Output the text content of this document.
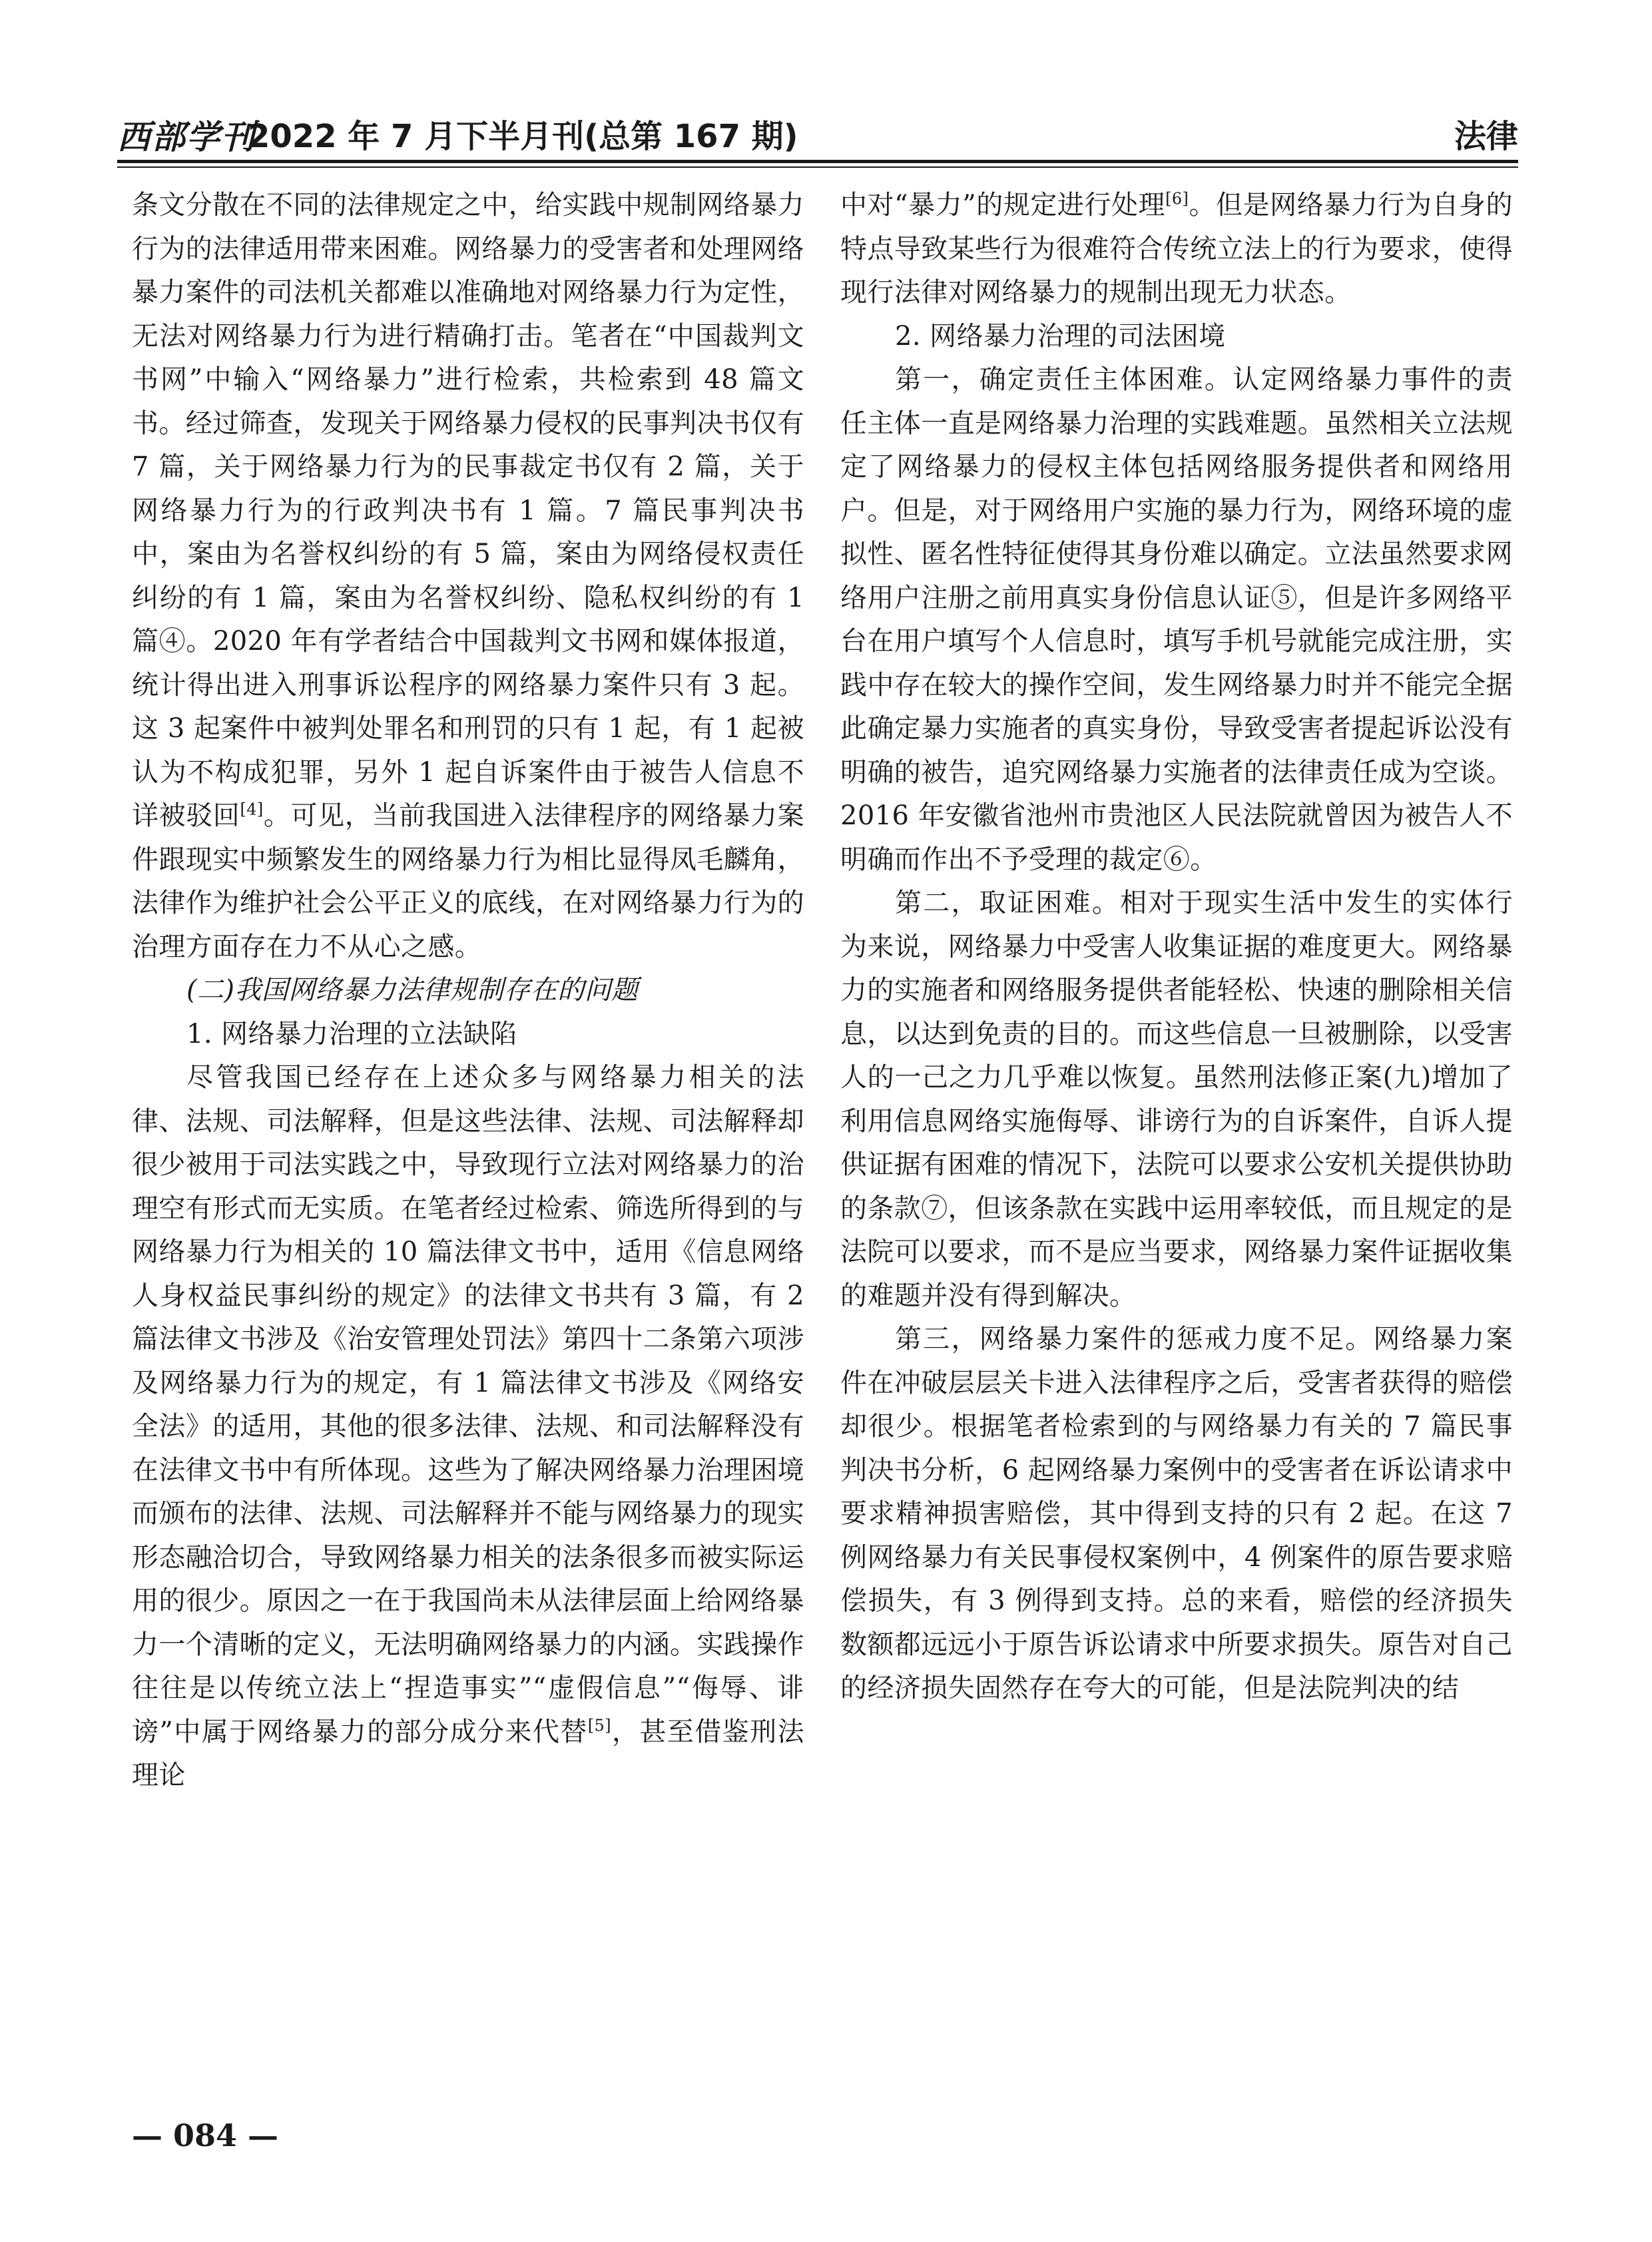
西部学刊
2022 年 7 月下半月刊(总第 167 期)	法律

条文分散在不同的法律规定之中，给实践中规制网络暴力行为的法律适用带来困难。网络暴力的受害者和处理网络暴力案件的司法机关都难以准确地对网络暴力行为定性，无法对网络暴力行为进行精确打击。笔者在“中国裁判文书网”中输入“网络暴力”进行检索，共检索到 48 篇文书。经过筛查，发现关于网络暴力侵权的民事判决书仅有 7 篇，关于网络暴力行为的民事裁定书仅有 2 篇，关于网络暴力行为的行政判决书有 1 篇。7 篇民事判决书中，案由为名誉权纠纷的有 5 篇，案由为网络侵权责任纠纷的有 1 篇，案由为名誉权纠纷、隐私权纠纷的有 1 篇④。2020 年有学者结合中国裁判文书网和媒体报道，统计得出进入刑事诉讼程序的网络暴力案件只有 3 起。这 3 起案件中被判处罪名和刑罚的只有 1 起，有 1 起被认为不构成犯罪，另外 1 起自诉案件由于被告人信息不详被驳回[4]。可见，当前我国进入法律程序的网络暴力案件跟现实中频繁发生的网络暴力行为相比显得凤毛麟角，法律作为维护社会公平正义的底线，在对网络暴力行为的治理方面存在力不从心之感。

(二)我国网络暴力法律规制存在的问题

1. 网络暴力治理的立法缺陷

尽管我国已经存在上述众多与网络暴力相关的法律、法规、司法解释，但是这些法律、法规、司法解释却很少被用于司法实践之中，导致现行立法对网络暴力的治理空有形式而无实质。在笔者经过检索、筛选所得到的与网络暴力行为相关的 10 篇法律文书中，适用《信息网络人身权益民事纠纷的规定》的法律文书共有 3 篇，有 2 篇法律文书涉及《治安管理处罚法》第四十二条第六项涉及网络暴力行为的规定，有 1 篇法律文书涉及《网络安全法》的适用，其他的很多法律、法规、和司法解释没有在法律文书中有所体现。这些为了解决网络暴力治理困境而颁布的法律、法规、司法解释并不能与网络暴力的现实形态融洽切合，导致网络暴力相关的法条很多而被实际运用的很少。原因之一在于我国尚未从法律层面上给网络暴力一个清晰的定义，无法明确网络暴力的内涵。实践操作往往是以传统立法上“捏造事实”“虚假信息”“侮辱、诽谤”中属于网络暴力的部分成分来代替[5]，甚至借鉴刑法理论

中对“暴力”的规定进行处理[6]。但是网络暴力行为自身的特点导致某些行为很难符合传统立法上的行为要求，使得现行法律对网络暴力的规制出现无力状态。

2. 网络暴力治理的司法困境

第一，确定责任主体困难。认定网络暴力事件的责任主体一直是网络暴力治理的实践难题。虽然相关立法规定了网络暴力的侵权主体包括网络服务提供者和网络用户。但是，对于网络用户实施的暴力行为，网络环境的虚拟性、匿名性特征使得其身份难以确定。立法虽然要求网络用户注册之前用真实身份信息认证⑤，但是许多网络平台在用户填写个人信息时，填写手机号就能完成注册，实践中存在较大的操作空间，发生网络暴力时并不能完全据此确定暴力实施者的真实身份，导致受害者提起诉讼没有明确的被告，追究网络暴力实施者的法律责任成为空谈。2016 年安徽省池州市贵池区人民法院就曾因为被告人不明确而作出不予受理的裁定⑥。

第二，取证困难。相对于现实生活中发生的实体行为来说，网络暴力中受害人收集证据的难度更大。网络暴力的实施者和网络服务提供者能轻松、快速的删除相关信息，以达到免责的目的。而这些信息一旦被删除，以受害人的一己之力几乎难以恢复。虽然刑法修正案(九)增加了利用信息网络实施侮辱、诽谤行为的自诉案件，自诉人提供证据有困难的情况下，法院可以要求公安机关提供协助的条款⑦，但该条款在实践中运用率较低，而且规定的是法院可以要求，而不是应当要求，网络暴力案件证据收集的难题并没有得到解决。

第三，网络暴力案件的惩戒力度不足。网络暴力案件在冲破层层关卡进入法律程序之后，受害者获得的赔偿却很少。根据笔者检索到的与网络暴力有关的 7 篇民事判决书分析，6 起网络暴力案例中的受害者在诉讼请求中要求精神损害赔偿，其中得到支持的只有 2 起。在这 7 例网络暴力有关民事侵权案例中，4 例案件的原告要求赔偿损失，有 3 例得到支持。总的来看，赔偿的经济损失数额都远远小于原告诉讼请求中所要求损失。原告对自己的经济损失固然存在夸大的可能，但是法院判决的结

— 084 —
